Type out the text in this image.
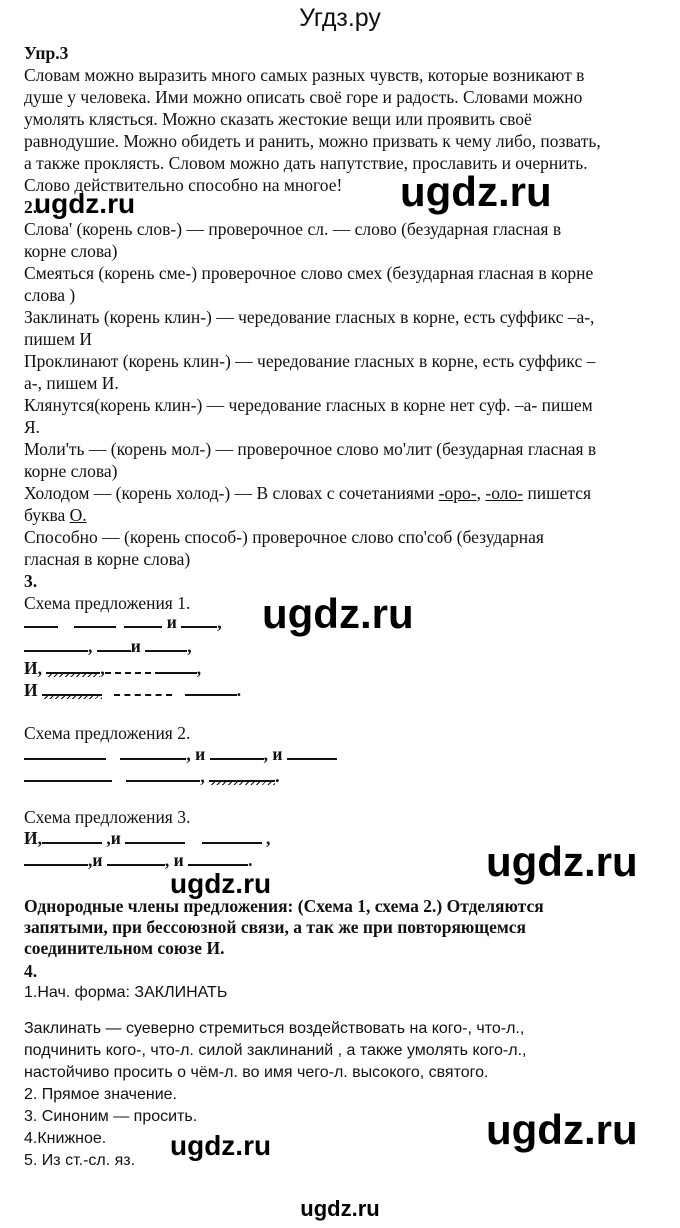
Угдз.ру
Упр.3
Словам можно выразить много самых разных чувств, которые возникают в
душе у человека. Ими можно описать своё горе и радость. Словами можно
умолять клясться. Можно сказать жестокие вещи или проявить своё
равнодушие. Можно обидеть и ранить, можно призвать к чему либо, позвать,
а также проклясть. Словом можно дать напутствие, прославить и очернить.
Слово действительно способно на многое!
2.
Слова' (корень слов-) — проверочное сл. — слово (безударная гласная в
корне слова)
Смеяться (корень сме-) проверочное слово смех (безударная гласная в корне
слова )
Заклинать (корень клин-) — чередование гласных в корне, есть суффикс –а-,
пишем И
Проклинают (корень клин-) — чередование гласных в корне, есть суффикс –
а-, пишем И.
Клянутся(корень клин-) — чередование гласных в корне нет суф. –а- пишем
Я.
Моли'ть — (корень мол-) — проверочное слово мо'лит (безударная гласная в
корне слова)
Холодом — (корень холод-) — В словах с сочетаниями -оро-, -оло- пишется
буква О.
Способно — (корень способ-) проверочное слово спо'соб (безударная
гласная в корне слова)
3.
Схема предложения 1.
и ,
, и	,
И,	,	,
И	.
Схема предложения 2.
, и	, и
,	.
Схема предложения 3.
И,	,и	,
,и	, и	.
Однородные члены предложения: (Схема 1, схема 2.) Отделяются
запятыми, при бессоюзной связи, а так же при повторяющемся
соединительном союзе И.
4.
1.Нач. форма: ЗАКЛИНАТЬ
Заклинать — суеверно стремиться воздействовать на кого-, что-л.,
подчинить кого-, что-л. силой заклинаний , а также умолять кого-л.,
настойчиво просить о чём-л. во имя чего-л. высокого, святого.
2. Прямое значение.
3. Синоним — просить.
4.Книжное.
5. Из ст.-сл. яз.
ugdz.ru
ugdz.ru
ugdz.ru
ugdz.ru
ugdz.ru
ugdz.ru
ugdz.ru
ugdz.ru
